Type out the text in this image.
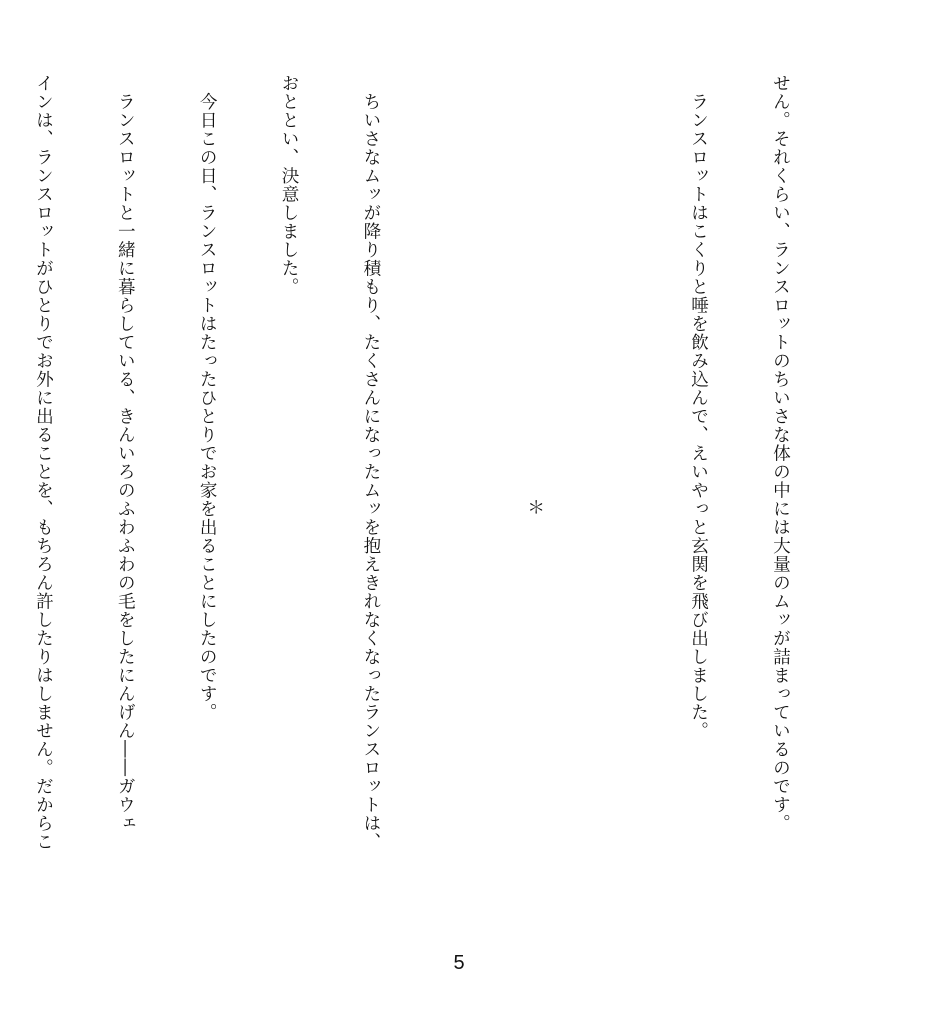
せん。それくらい、ランスロットのちいさな体の中には大量のムッが詰まっているのです。

　ランスロットはこくりと唾を飲み込んで、えいやっと玄関を飛び出しました。

＊

　ちいさなムッが降り積もり、たくさんになったムッを抱えきれなくなったランスロットは、

おととい、決意しました。

　今日この日、ランスロットはたったひとりでお家を出ることにしたのです。

　ランスロットと一緒に暮らしている、きんいろのふわふわの毛をしたにんげん――ガウェ

インは、ランスロットがひとりでお外に出ることを、もちろん許したりはしません。だからこ

5
